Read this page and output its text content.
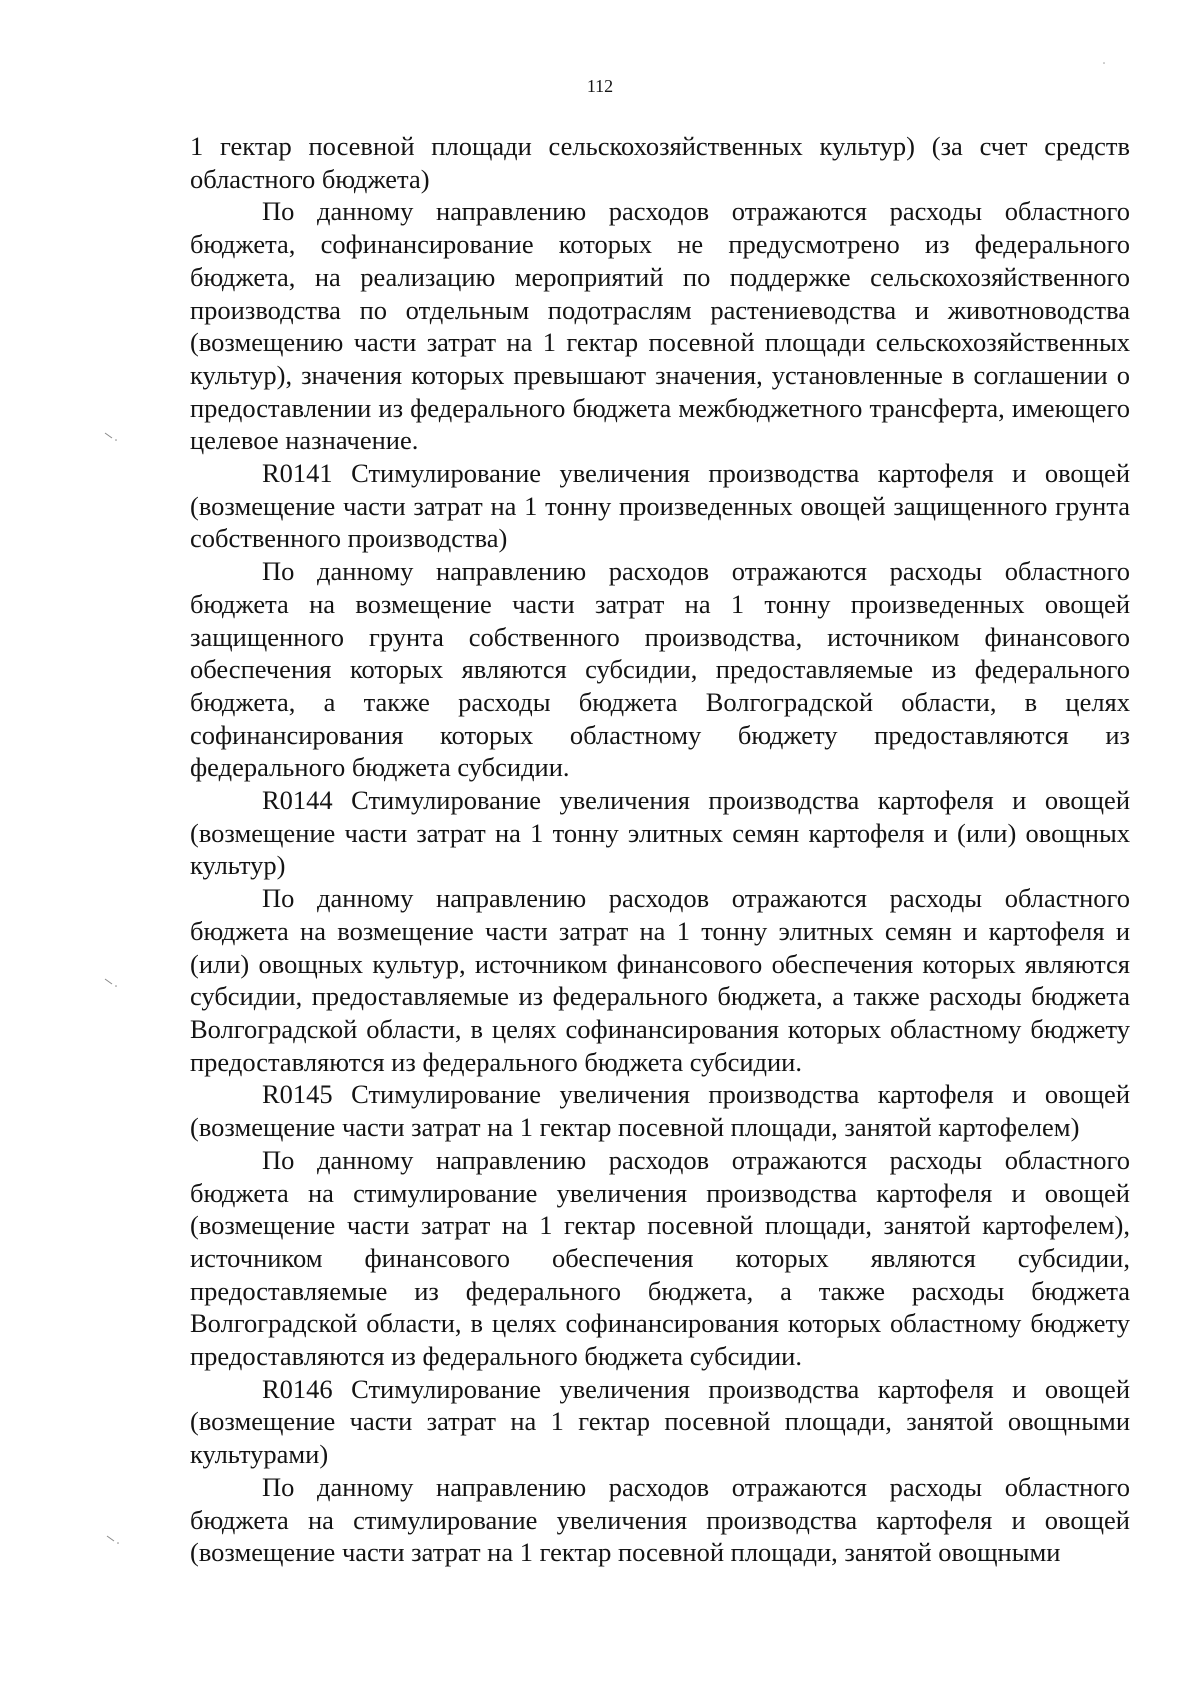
112

1 гектар посевной площади сельскохозяйственных культур) (за счет средств областного бюджета)

По данному направлению расходов отражаются расходы областного бюджета, софинансирование которых не предусмотрено из федерального бюджета, на реализацию мероприятий по поддержке сельскохозяйственного производства по отдельным подотраслям растениеводства и животноводства (возмещению части затрат на 1 гектар посевной площади сельскохозяйственных культур), значения которых превышают значения, установленные в соглашении о предоставлении из федерального бюджета межбюджетного трансферта, имеющего целевое назначение.

R0141 Стимулирование увеличения производства картофеля и овощей (возмещение части затрат на 1 тонну произведенных овощей защищенного грунта собственного производства)

По данному направлению расходов отражаются расходы областного бюджета на возмещение части затрат на 1 тонну произведенных овощей защищенного грунта собственного производства, источником финансового обеспечения которых являются субсидии, предоставляемые из федерального бюджета, а также расходы бюджета Волгоградской области, в целях софинансирования которых областному бюджету предоставляются из федерального бюджета субсидии.

R0144 Стимулирование увеличения производства картофеля и овощей (возмещение части затрат на 1 тонну элитных семян картофеля и (или) овощных культур)

По данному направлению расходов отражаются расходы областного бюджета на возмещение части затрат на 1 тонну элитных семян и картофеля и (или) овощных культур, источником финансового обеспечения которых являются субсидии, предоставляемые из федерального бюджета, а также расходы бюджета Волгоградской области, в целях софинансирования которых областному бюджету предоставляются из федерального бюджета субсидии.

R0145 Стимулирование увеличения производства картофеля и овощей (возмещение части затрат на 1 гектар посевной площади, занятой картофелем)

По данному направлению расходов отражаются расходы областного бюджета на стимулирование увеличения производства картофеля и овощей (возмещение части затрат на 1 гектар посевной площади, занятой картофелем), источником финансового обеспечения которых являются субсидии, предоставляемые из федерального бюджета, а также расходы бюджета Волгоградской области, в целях софинансирования которых областному бюджету предоставляются из федерального бюджета субсидии.

R0146 Стимулирование увеличения производства картофеля и овощей (возмещение части затрат на 1 гектар посевной площади, занятой овощными культурами)

По данному направлению расходов отражаются расходы областного бюджета на стимулирование увеличения производства картофеля и овощей (возмещение части затрат на 1 гектар посевной площади, занятой овощными
